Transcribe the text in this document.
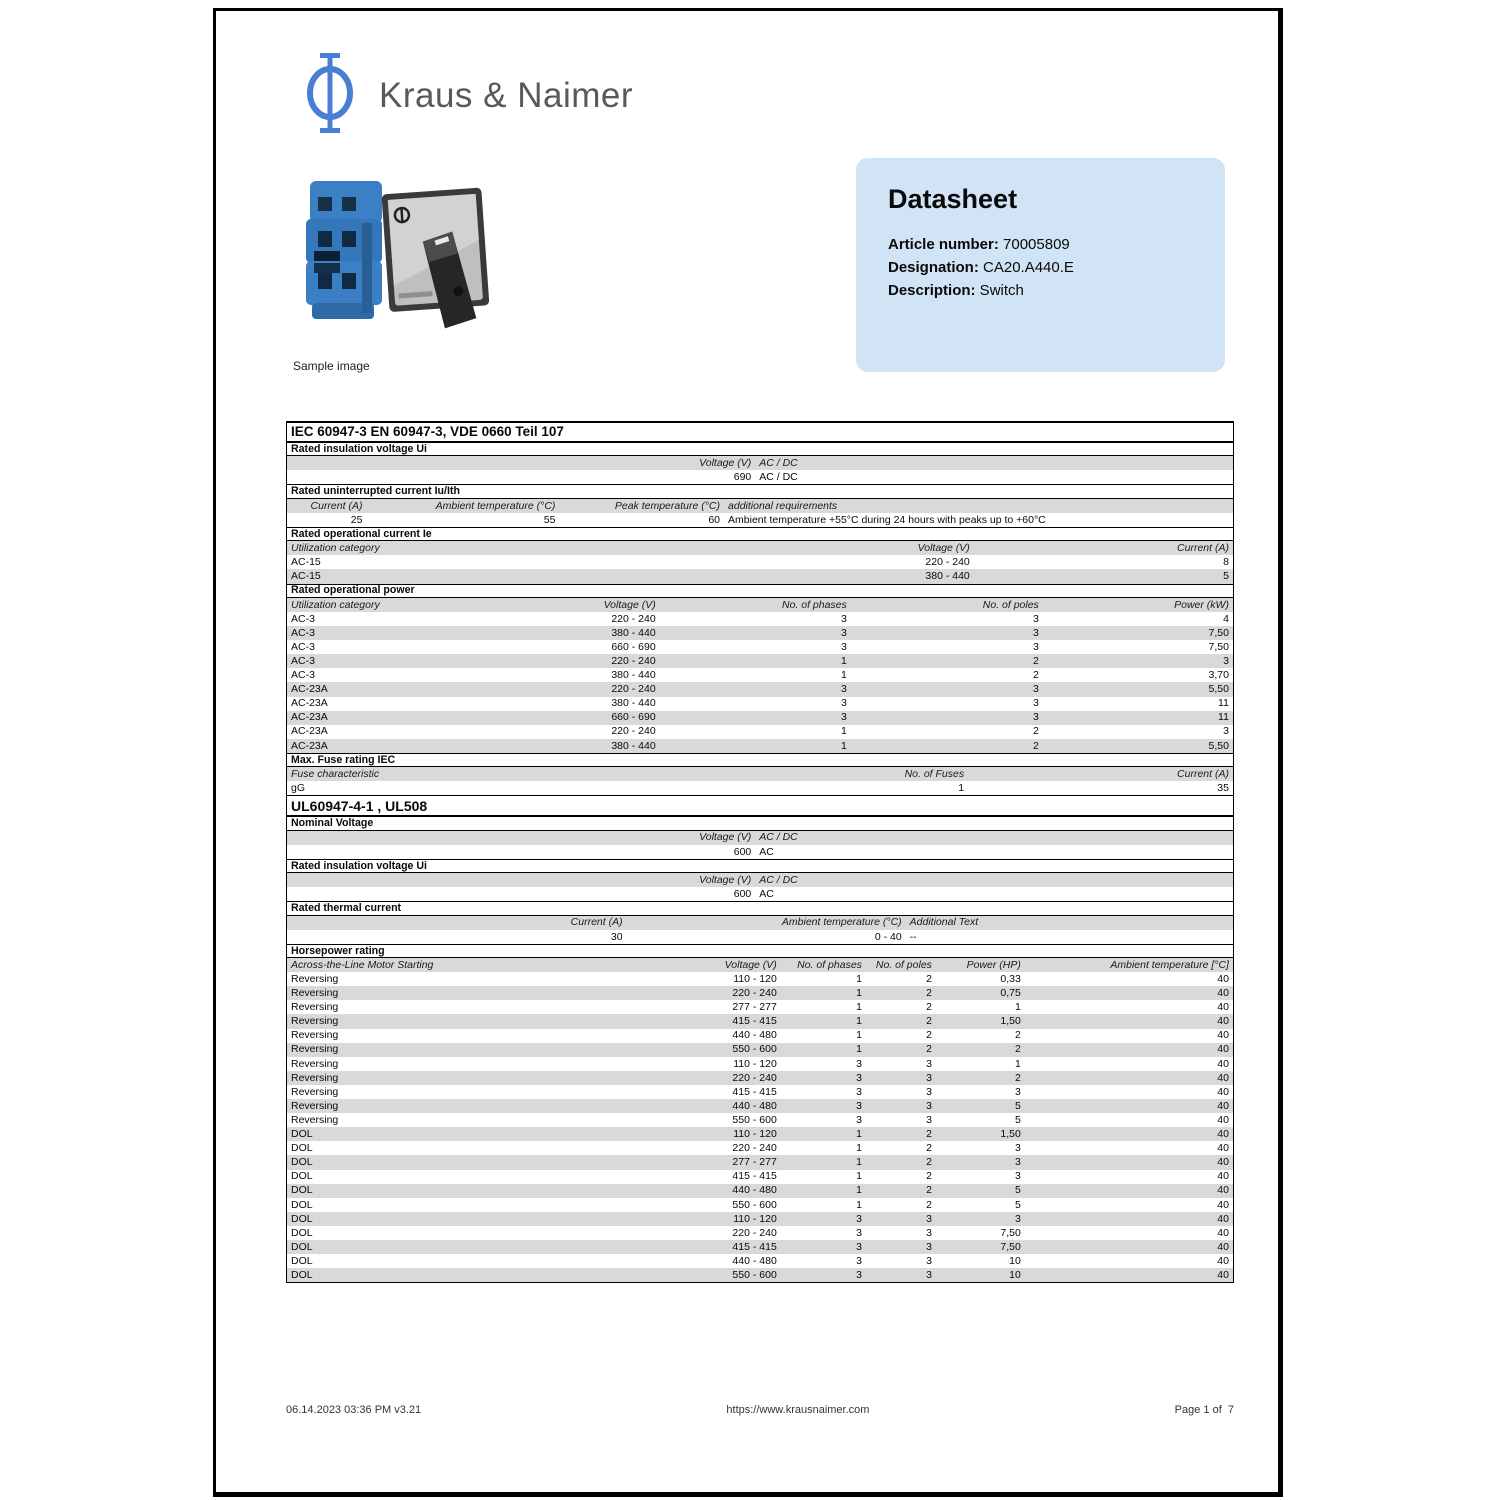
Kraus & Naimer
Sample image
Datasheet
Article number: 70005809
Designation: CA20.A440.E
Description: Switch
IEC 60947-3 EN 60947-3, VDE 0660 Teil 107
Rated insulation voltage Ui
Voltage (V) AC / DC
690 AC / DC
Rated uninterrupted current Iu/Ith
Current (A)	Ambient temperature (°C)	Peak temperature (°C) additional requirements
25	55	60 Ambient temperature +55°C during 24 hours with peaks up to +60°C
Rated operational current Ie
Utilization category	Voltage (V)	Current (A)
AC-15	220 - 240	8
AC-15	380 - 440	5
Rated operational power
Utilization category	Voltage (V)	No. of phases	No. of poles	Power (kW)
AC-3	220 - 240	3	3	4
AC-3	380 - 440	3	3	7,50
AC-3	660 - 690	3	3	7,50
AC-3	220 - 240	1	2	3
AC-3	380 - 440	1	2	3,70
AC-23A	220 - 240	3	3	5,50
AC-23A	380 - 440	3	3	11
AC-23A	660 - 690	3	3	11
AC-23A	220 - 240	1	2	3
AC-23A	380 - 440	1	2	5,50
Max. Fuse rating IEC
Fuse characteristic	No. of Fuses	Current (A)
gG	1	35
UL60947-4-1 , UL508
Nominal Voltage
Voltage (V) AC / DC
600 AC
Rated insulation voltage Ui
Voltage (V) AC / DC
600 AC
Rated thermal current
Current (A)	Ambient temperature (°C) Additional Text
30	0 - 40 --
Horsepower rating
Across-the-Line Motor Starting	Voltage (V)	No. of phases	No. of poles	Power (HP)	Ambient temperature [°C]
Reversing	110 - 120	1	2	0,33	40
Reversing	220 - 240	1	2	0,75	40
Reversing	277 - 277	1	2	1	40
Reversing	415 - 415	1	2	1,50	40
Reversing	440 - 480	1	2	2	40
Reversing	550 - 600	1	2	2	40
Reversing	110 - 120	3	3	1	40
Reversing	220 - 240	3	3	2	40
Reversing	415 - 415	3	3	3	40
Reversing	440 - 480	3	3	5	40
Reversing	550 - 600	3	3	5	40
DOL	110 - 120	1	2	1,50	40
DOL	220 - 240	1	2	3	40
DOL	277 - 277	1	2	3	40
DOL	415 - 415	1	2	3	40
DOL	440 - 480	1	2	5	40
DOL	550 - 600	1	2	5	40
DOL	110 - 120	3	3	3	40
DOL	220 - 240	3	3	7,50	40
DOL	415 - 415	3	3	7,50	40
DOL	440 - 480	3	3	10	40
DOL	550 - 600	3	3	10	40
06.14.2023 03:36 PM v3.21	https://www.krausnaimer.com	Page 1 of  7
